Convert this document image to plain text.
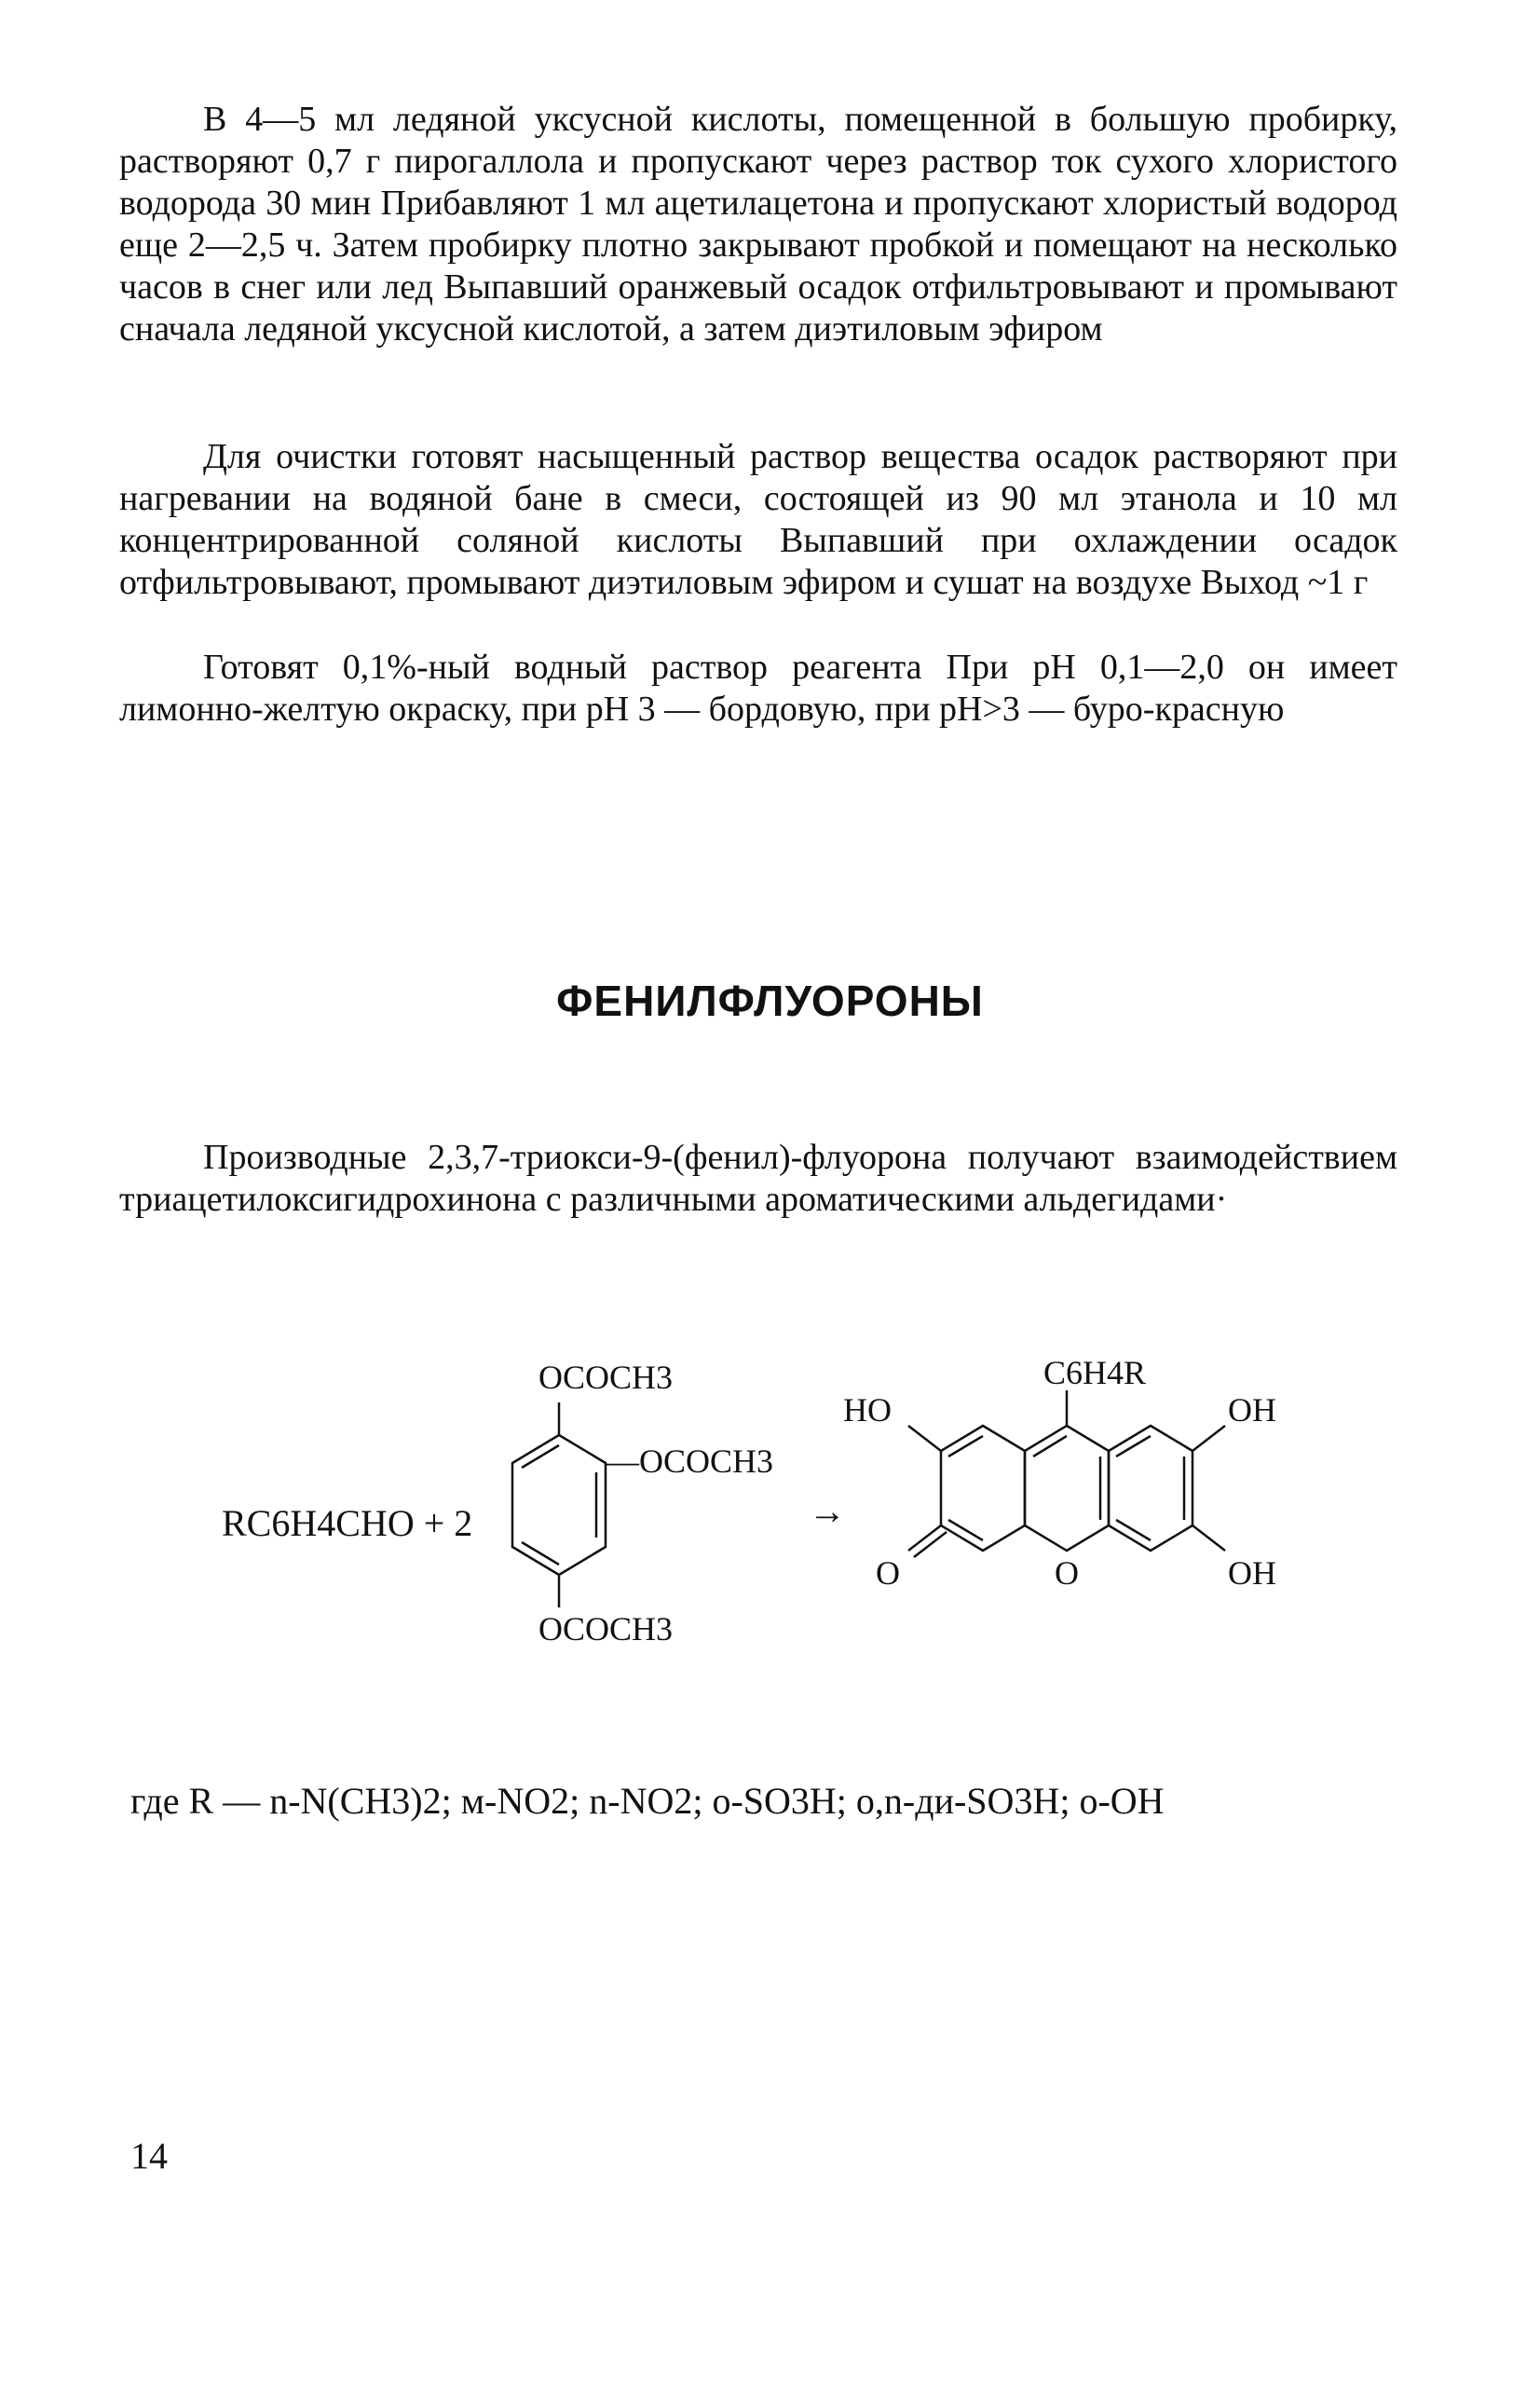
В 4—5 мл ледяной уксусной кислоты, помещенной в большую пробирку, растворяют 0,7 г пирогаллола и пропускают через раствор ток сухого хлористого водорода 30 мин Прибавляют 1 мл ацетилацетона и пропускают хлористый водород еще 2—2,5 ч. Затем пробирку плотно закрывают пробкой и помещают на несколько часов в снег или лед Выпавший оранжевый осадок отфильтровывают и промывают сначала ледяной уксусной кислотой, а затем диэтиловым эфиром

Для очистки готовят насыщенный раствор вещества осадок растворяют при нагревании на водяной бане в смеси, состоящей из 90 мл этанола и 10 мл концентрированной соляной кислоты Выпавший при охлаждении осадок отфильтровывают, промывают диэтиловым эфиром и сушат на воздухе Выход ~1 г

Готовят 0,1%-ный водный раствор реагента При pH 0,1—2,0 он имеет лимонно-желтую окраску, при pH 3 — бордовую, при pH>3 — буро-красную

ФЕНИЛФЛУОРОНЫ

Производные 2,3,7-триокси-9-(фенил)-флуорона получают взаимодействием триацетилоксигидрохинона с различными ароматическими альдегидами·

RC6H4CHO + 2
OCOCH3
—OCOCH3
OCOCH3
→
C6H4R
HO	OH
O	O	OH
где R — n-N(CH3)2; м-NO2; n-NO2; o-SO3H; o,n-ди-SO3H; o-OH
14
